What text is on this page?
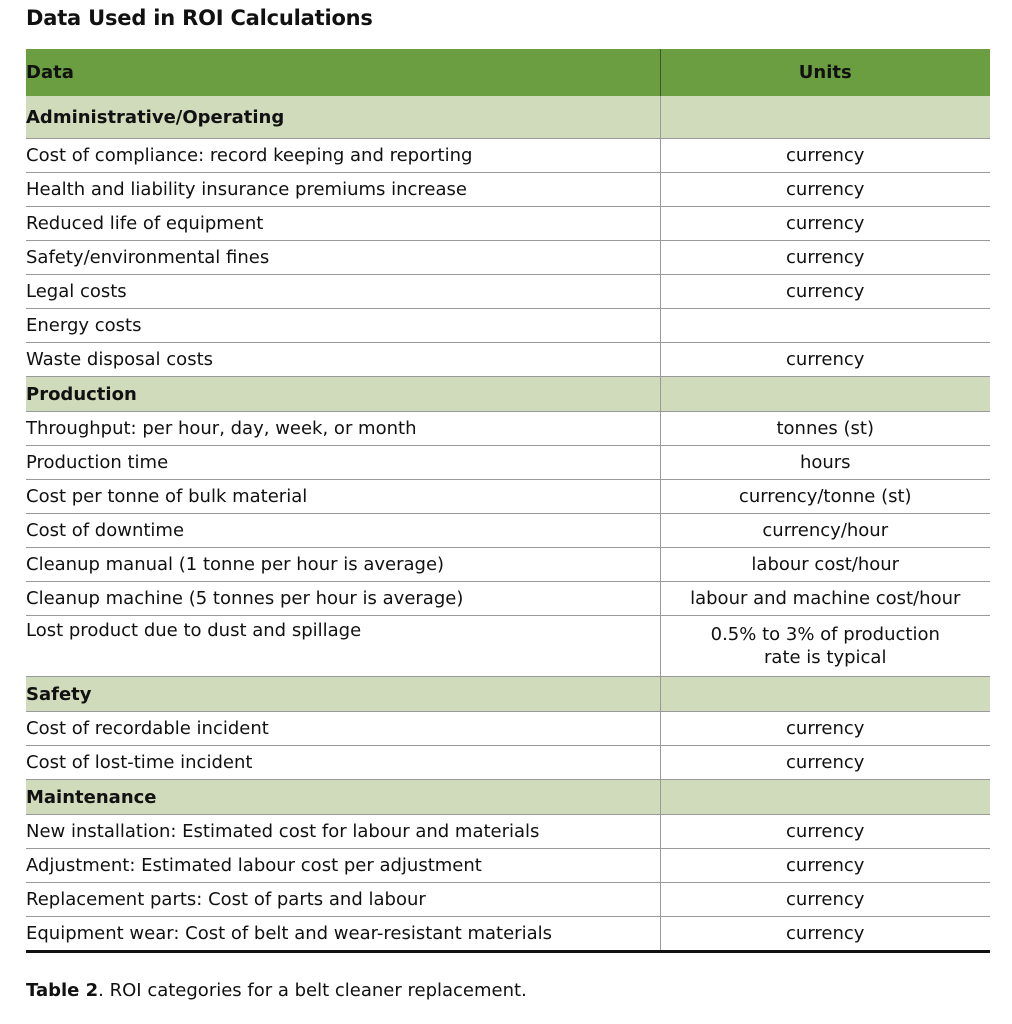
Data Used in ROI Calculations
Data	Units
Administrative/Operating	
Cost of compliance: record keeping and reporting	currency
Health and liability insurance premiums increase	currency
Reduced life of equipment	currency
Safety/environmental fines	currency
Legal costs	currency
Energy costs	
Waste disposal costs	currency
Production	
Throughput: per hour, day, week, or month	tonnes (st)
Production time	hours
Cost per tonne of bulk material	currency/tonne (st)
Cost of downtime	currency/hour
Cleanup manual (1 tonne per hour is average)	labour cost/hour
Cleanup machine (5 tonnes per hour is average)	labour and machine cost/hour
Lost product due to dust and spillage	0.5% to 3% of production
rate is typical

Safety	
Cost of recordable incident	currency
Cost of lost-time incident	currency
Maintenance	
New installation: Estimated cost for labour and materials	currency
Adjustment: Estimated labour cost per adjustment	currency
Replacement parts: Cost of parts and labour	currency
Equipment wear: Cost of belt and wear-resistant materials	currency
Table 2. ROI categories for a belt cleaner replacement.
